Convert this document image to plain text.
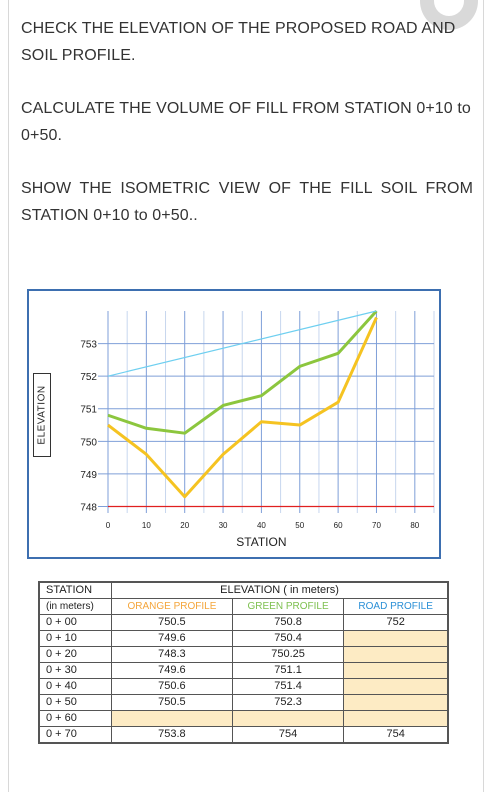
CHECK THE ELEVATION OF THE PROPOSED ROAD AND SOIL PROFILE.
CALCULATE THE VOLUME OF FILL FROM STATION 0+10 to 0+50.
SHOW THE ISOMETRIC VIEW OF THE FILL SOIL FROM STATION 0+10 to 0+50..
748
749
750
751
752
753
0	10	20	30	40	50	60	70	80
STATION
ELEVATION
STATION	ELEVATION ( in meters)		
(in meters)	ORANGE PROFILE	GREEN PROFILE	ROAD PROFILE
0 + 00	750.5	750.8	752
0 + 10	749.6	750.4	
0 + 20	748.3	750.25	
0 + 30	749.6	751.1	
0 + 40	750.6	751.4	
0 + 50	750.5	752.3	
0 + 60			
0 + 70	753.8	754	754
